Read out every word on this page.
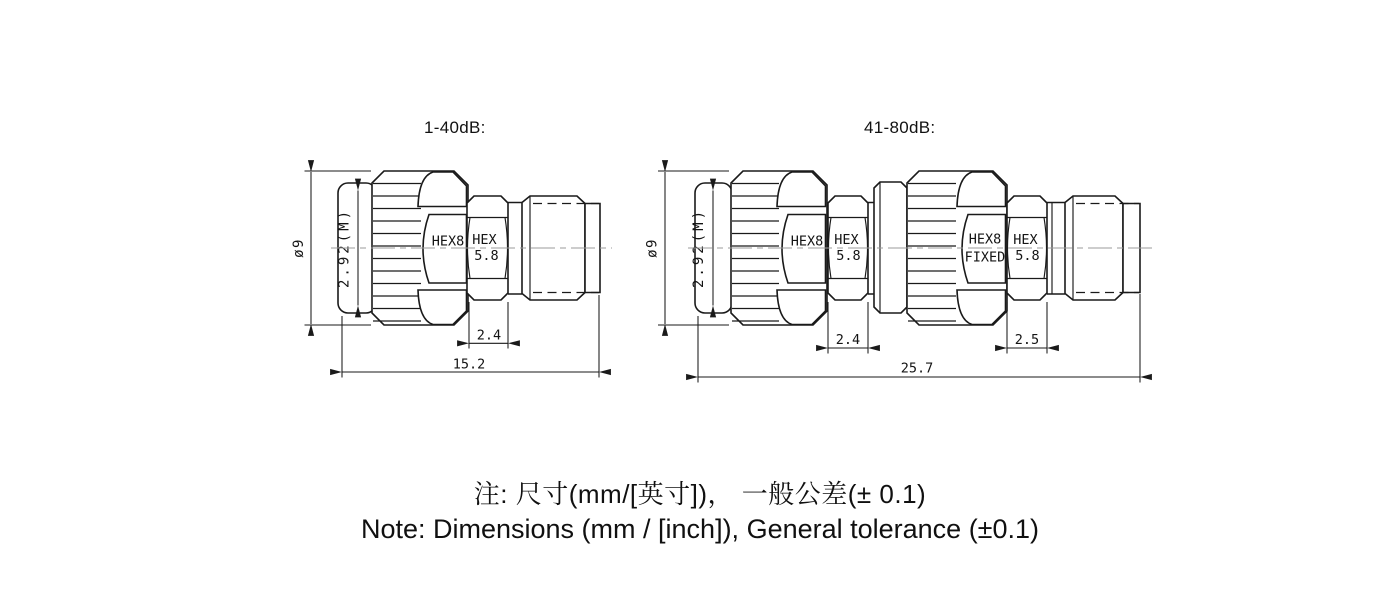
1-40dB:
ø9 2.92(M)	HEX8 HEX
5.8
2.4
15.2
41-80dB:
ø9 2.92(M)	HEX8 HEX
5.8
HEX8
FIXED
HEX
5.8
2.4	2.5
25.7
注: 尺寸(mm/[英寸])， 一般公差(± 0.1)
Note: Dimensions (mm / [inch]), General tolerance (±0.1)
